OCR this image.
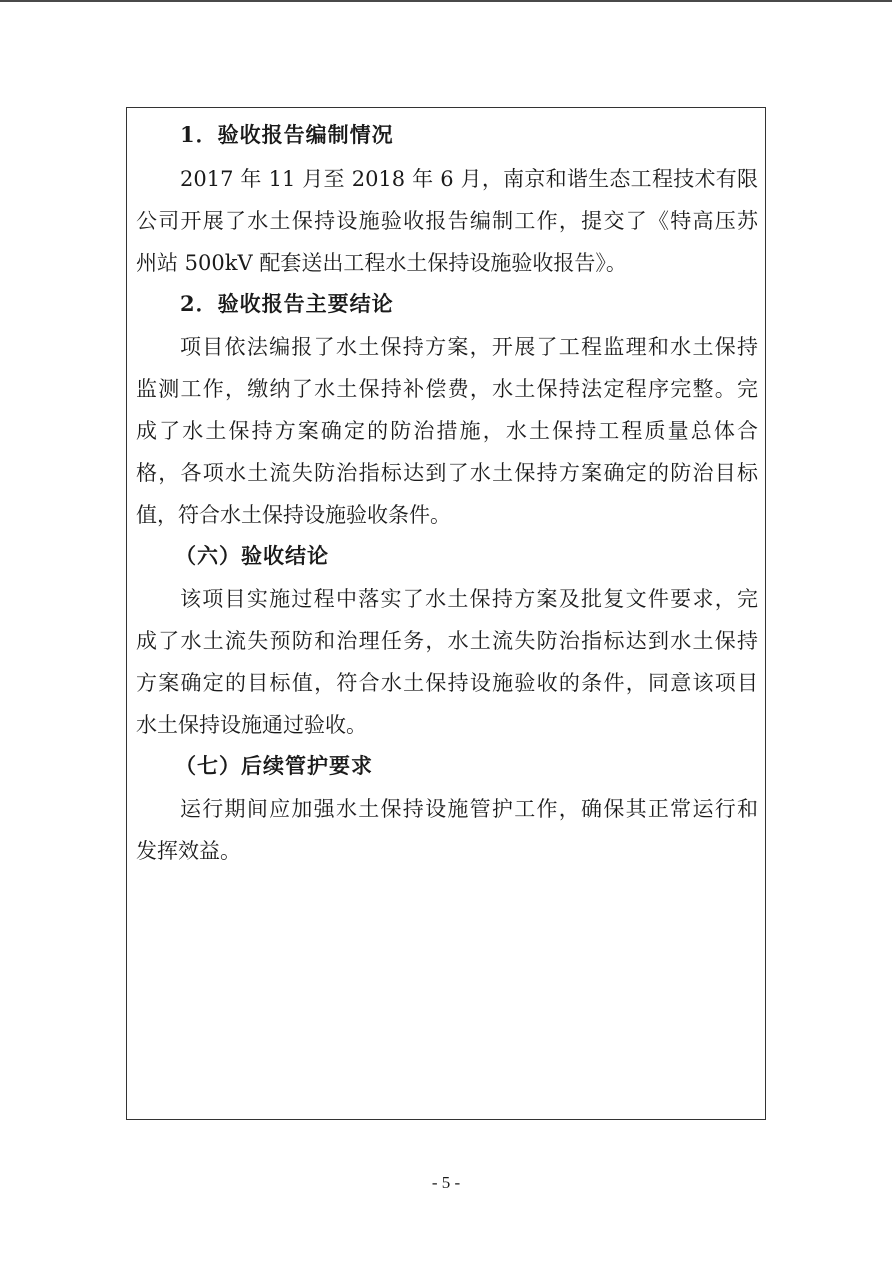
1．验收报告编制情况
2017 年 11 月至 2018 年 6 月，南京和谐生态工程技术有限
公司开展了水土保持设施验收报告编制工作，提交了《特高压苏
州站 500kV 配套送出工程水土保持设施验收报告》。
2．验收报告主要结论
项目依法编报了水土保持方案，开展了工程监理和水土保持
监测工作，缴纳了水土保持补偿费，水土保持法定程序完整。完
成了水土保持方案确定的防治措施，水土保持工程质量总体合
格，各项水土流失防治指标达到了水土保持方案确定的防治目标
值，符合水土保持设施验收条件。
（六）验收结论
该项目实施过程中落实了水土保持方案及批复文件要求，完
成了水土流失预防和治理任务，水土流失防治指标达到水土保持
方案确定的目标值，符合水土保持设施验收的条件，同意该项目
水土保持设施通过验收。
（七）后续管护要求
运行期间应加强水土保持设施管护工作，确保其正常运行和
发挥效益。
- 5 -
